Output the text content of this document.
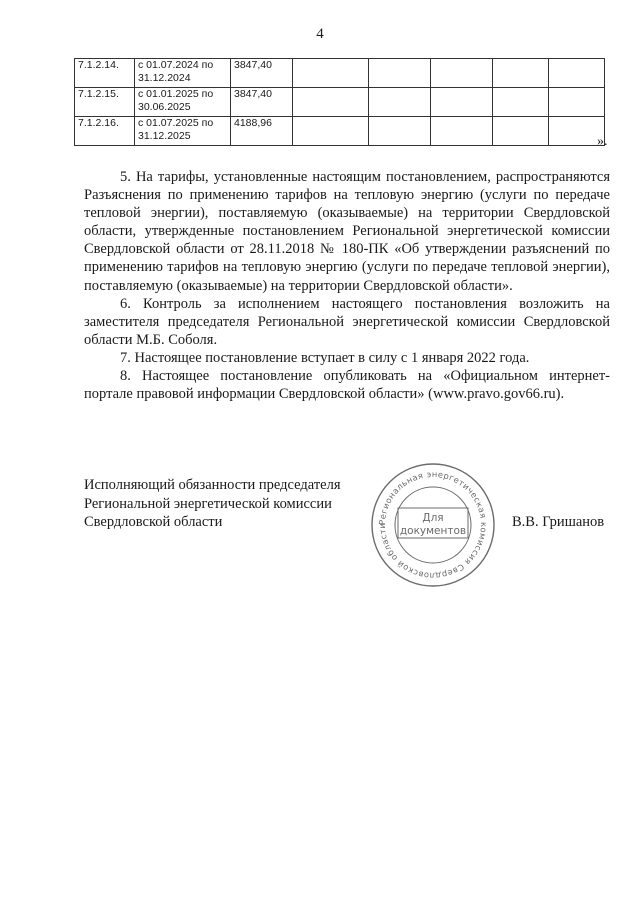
4
7.1.2.14.	с 01.07.2024 по
31.12.2024	3847,40					
7.1.2.15.	с 01.01.2025 по
30.06.2025	3847,40					
7.1.2.16.	с 01.07.2025 по
31.12.2025	4188,96					
».

5. На тарифы, установленные настоящим постановлением, распространяются Разъяснения по применению тарифов на тепловую энергию (услуги по передаче тепловой энергии), поставляемую (оказываемые) на территории Свердловской области, утвержденные постановлением Региональной энергетической комиссии Свердловской области от 28.11.2018 № 180-ПК «Об утверждении разъяснений по применению тарифов на тепловую энергию (услуги по передаче тепловой энергии), поставляемую (оказываемые) на территории Свердловской области».

6. Контроль за исполнением настоящего постановления возложить на заместителя председателя Региональной энергетической комиссии Свердловской области М.Б. Соболя.

7. Настоящее постановление вступает в силу с 1 января 2022 года.

8. Настоящее постановление опубликовать на «Официальном интернет-портале правовой информации Свердловской области» (www.pravo.gov66.ru).

Исполняющий обязанности председателя
Региональной энергетической комиссии
Свердловской области	Региональная энергетическая комиссия Свердловской области
Для
документов
В.В. Гришанов
